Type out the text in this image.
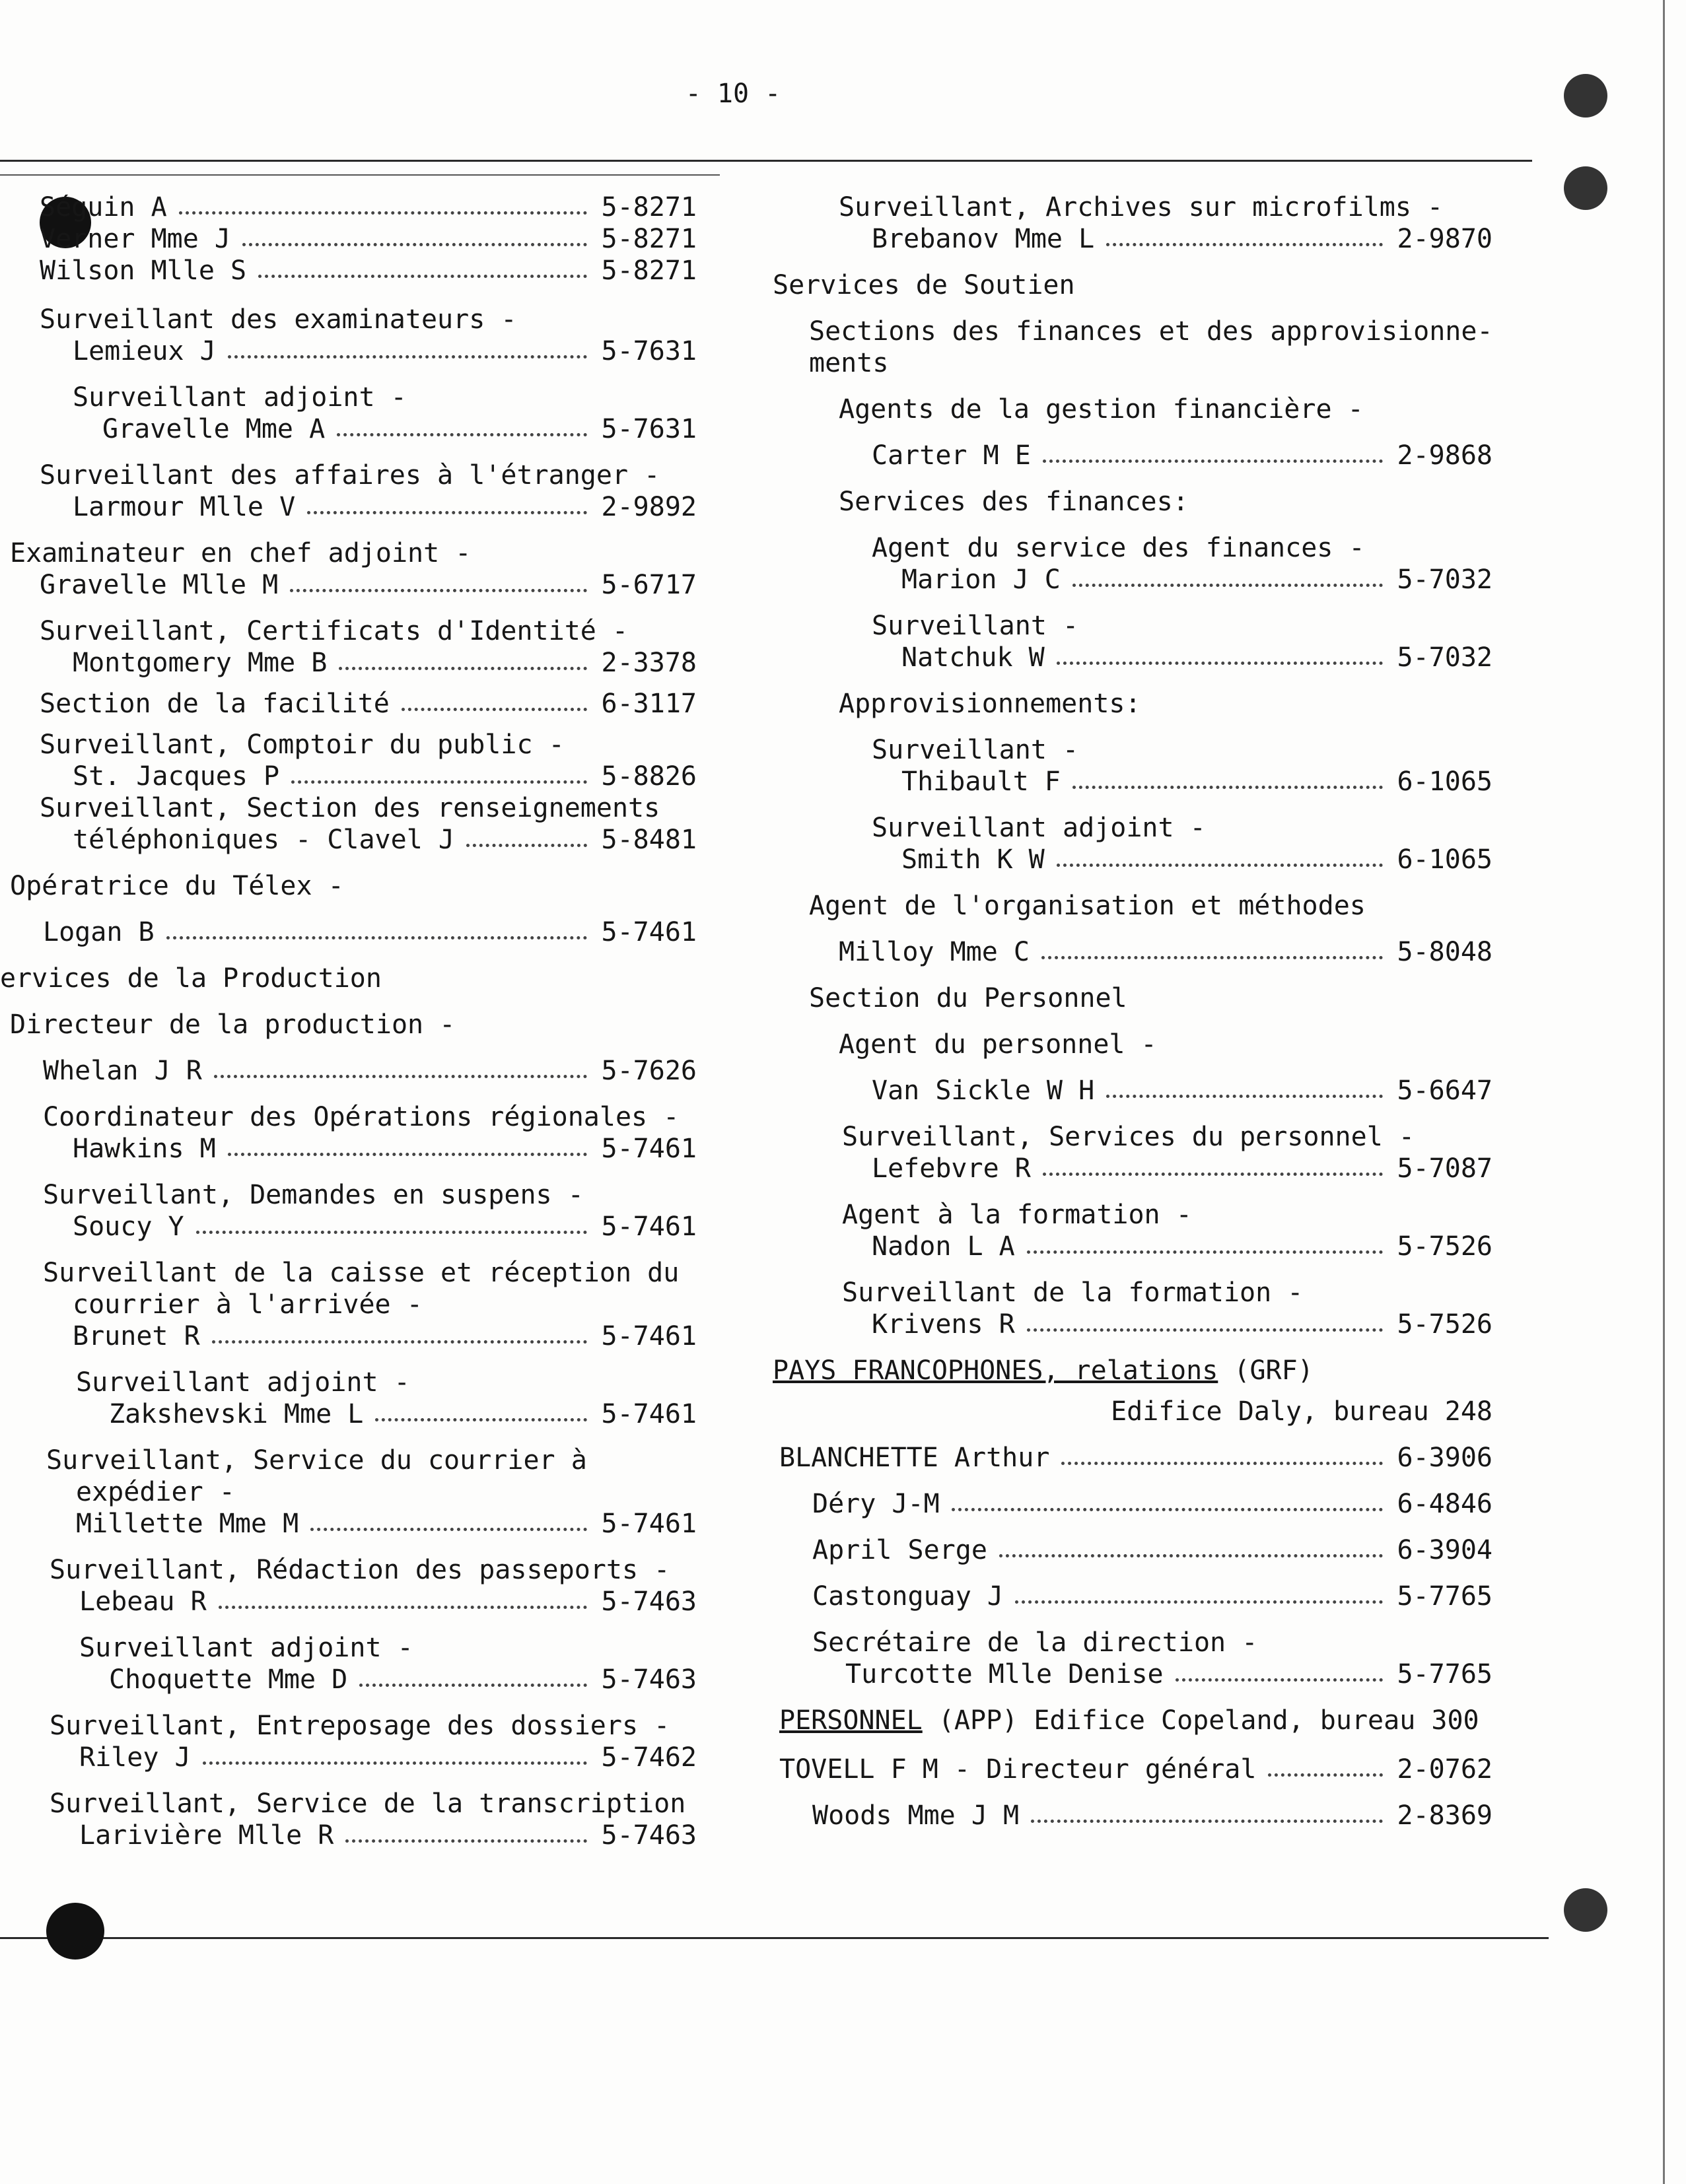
- 10 -
Séguin A	5-8271
Verner Mme J	5-8271
Wilson Mlle S	5-8271
Surveillant des examinateurs -
Lemieux J	5-7631
Surveillant adjoint -
Gravelle Mme A	5-7631
Surveillant des affaires à l'étranger -
Larmour Mlle V	2-9892
Examinateur en chef adjoint -
Gravelle Mlle M	5-6717
Surveillant, Certificats d'Identité -
Montgomery Mme B	2-3378
Section de la facilité	6-3117
Surveillant, Comptoir du public -
St. Jacques P	5-8826
Surveillant, Section des renseignements
téléphoniques - Clavel J	5-8481
Opératrice du Télex -
Logan B	5-7461
ervices de la Production
Directeur de la production -
Whelan J R	5-7626
Coordinateur des Opérations régionales -
Hawkins M	5-7461
Surveillant, Demandes en suspens -
Soucy Y	5-7461
Surveillant de la caisse et réception du
courrier à l'arrivée -
Brunet R	5-7461
Surveillant adjoint -
Zakshevski Mme L	5-7461
Surveillant, Service du courrier à
expédier -
Millette Mme M	5-7461
Surveillant, Rédaction des passeports -
Lebeau R	5-7463
Surveillant adjoint -
Choquette Mme D	5-7463
Surveillant, Entreposage des dossiers -
Riley J	5-7462
Surveillant, Service de la transcription
Larivière Mlle R	5-7463
Surveillant, Archives sur microfilms -
Brebanov Mme L	2-9870
Services de Soutien
Sections des finances et des approvisionne-
ments
Agents de la gestion financière -
Carter M E	2-9868
Services des finances:
Agent du service des finances -
Marion J C	5-7032
Surveillant -
Natchuk W	5-7032
Approvisionnements:
Surveillant -
Thibault F	6-1065
Surveillant adjoint -
Smith K W	6-1065
Agent de l'organisation et méthodes
Milloy Mme C	5-8048
Section du Personnel
Agent du personnel -
Van Sickle W H	5-6647
Surveillant, Services du personnel -
Lefebvre R	5-7087
Agent à la formation -
Nadon L A	5-7526
Surveillant de la formation -
Krivens R	5-7526
PAYS FRANCOPHONES, relations (GRF)
Edifice Daly, bureau 248
BLANCHETTE Arthur	6-3906
Déry J-M	6-4846
April Serge	6-3904
Castonguay J	5-7765
Secrétaire de la direction -
Turcotte Mlle Denise	5-7765
PERSONNEL (APP) Edifice Copeland, bureau 300
TOVELL F M - Directeur général	2-0762
Woods Mme J M	2-8369
